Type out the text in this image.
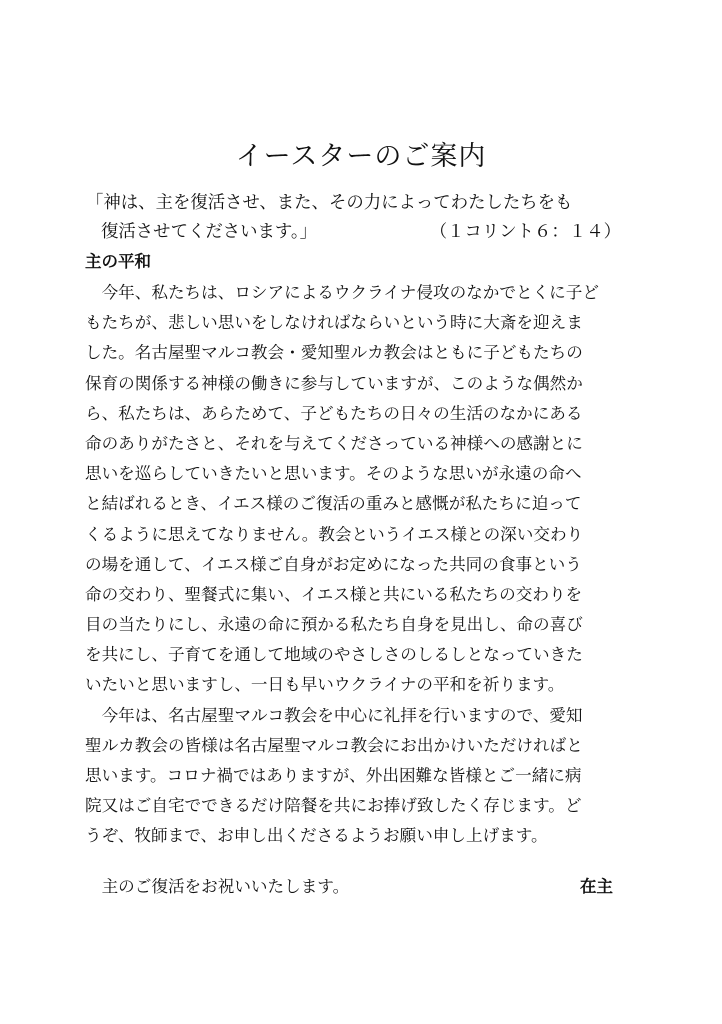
イースターのご案内
「神は、主を復活させ、また、その力によってわたしたちをも
復活させてくださいます。」	（１コリント６：１４）
主の平和
　今年、私たちは、ロシアによるウクライナ侵攻のなかでとくに子ど
もたちが、悲しい思いをしなければならいという時に大斎を迎えま
した。名古屋聖マルコ教会・愛知聖ルカ教会はともに子どもたちの
保育の関係する神様の働きに参与していますが、このような偶然か
ら、私たちは、あらためて、子どもたちの日々の生活のなかにある
命のありがたさと、それを与えてくださっている神様への感謝とに
思いを巡らしていきたいと思います。そのような思いが永遠の命へ
と結ばれるとき、イエス様のご復活の重みと感慨が私たちに迫って
くるように思えてなりません。教会というイエス様との深い交わり
の場を通して、イエス様ご自身がお定めになった共同の食事という
命の交わり、聖餐式に集い、イエス様と共にいる私たちの交わりを
目の当たりにし、永遠の命に預かる私たち自身を見出し、命の喜び
を共にし、子育てを通して地域のやさしさのしるしとなっていきた
いたいと思いますし、一日も早いウクライナの平和を祈ります。
　今年は、名古屋聖マルコ教会を中心に礼拝を行いますので、愛知
聖ルカ教会の皆様は名古屋聖マルコ教会にお出かけいただければと
思います。コロナ禍ではありますが、外出困難な皆様とご一緒に病
院又はご自宅でできるだけ陪餐を共にお捧げ致したく存じます。ど
うぞ、牧師まで、お申し出くださるようお願い申し上げます。
　主のご復活をお祝いいたします。	在主
